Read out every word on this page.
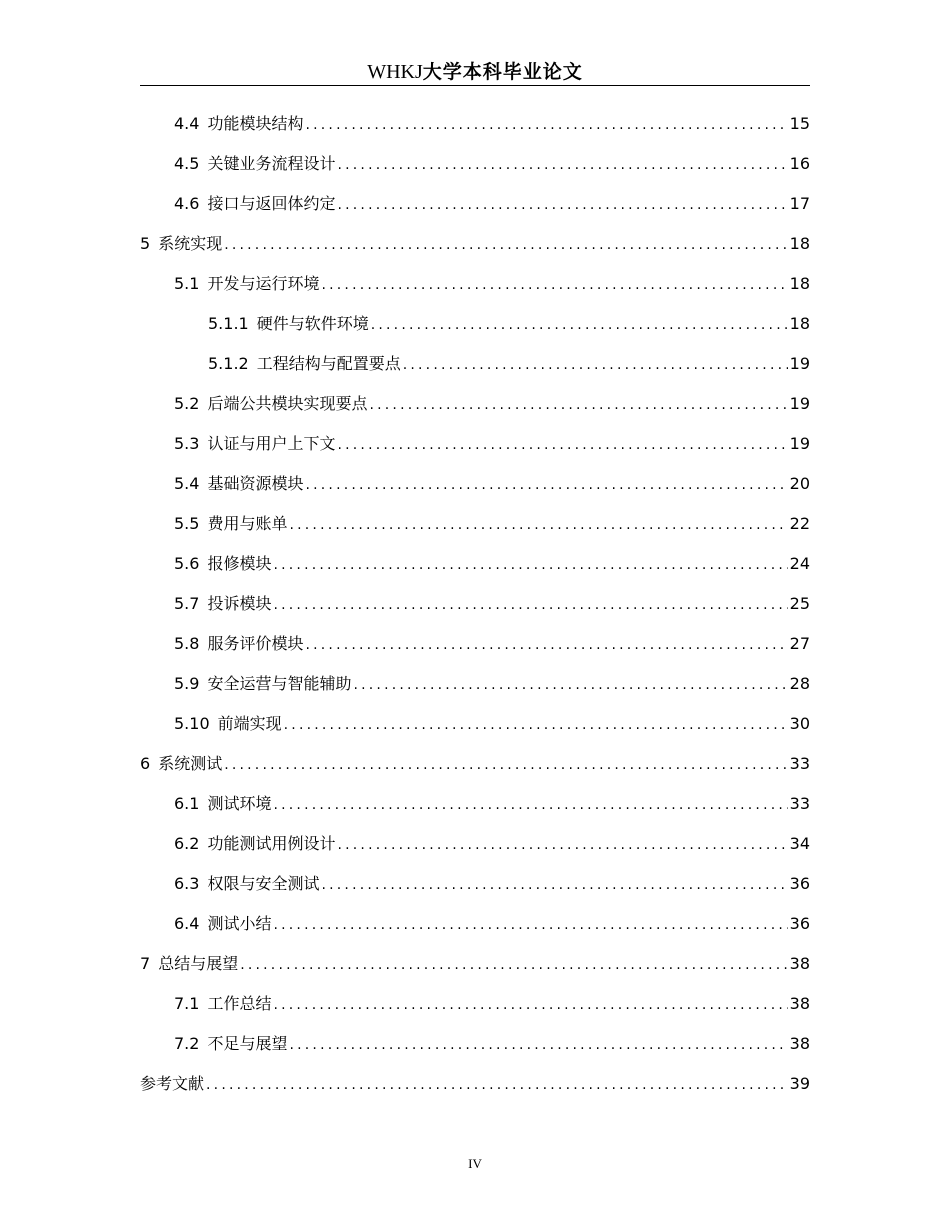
WHKJ大学本科毕业论文
4.4 功能模块结构 .....	15
4.5 关键业务流程设计 .....	16
4.6 接口与返回体约定 .....	17
5 系统实现 .....	18
5.1 开发与运行环境 .....	18
5.1.1 硬件与软件环境 .....	18
5.1.2 工程结构与配置要点 .....	19
5.2 后端公共模块实现要点 .....	19
5.3 认证与用户上下文 .....	19
5.4 基础资源模块 .....	20
5.5 费用与账单 .....	22
5.6 报修模块 .....	24
5.7 投诉模块 .....	25
5.8 服务评价模块 .....	27
5.9 安全运营与智能辅助 .....	28
5.10 前端实现 .....	30
6 系统测试 .....	33
6.1 测试环境 .....	33
6.2 功能测试用例设计 .....	34
6.3 权限与安全测试 .....	36
6.4 测试小结 .....	36
7 总结与展望 .....	38
7.1 工作总结 .....	38
7.2 不足与展望 .....	38
参考文献 .....	39
IV
